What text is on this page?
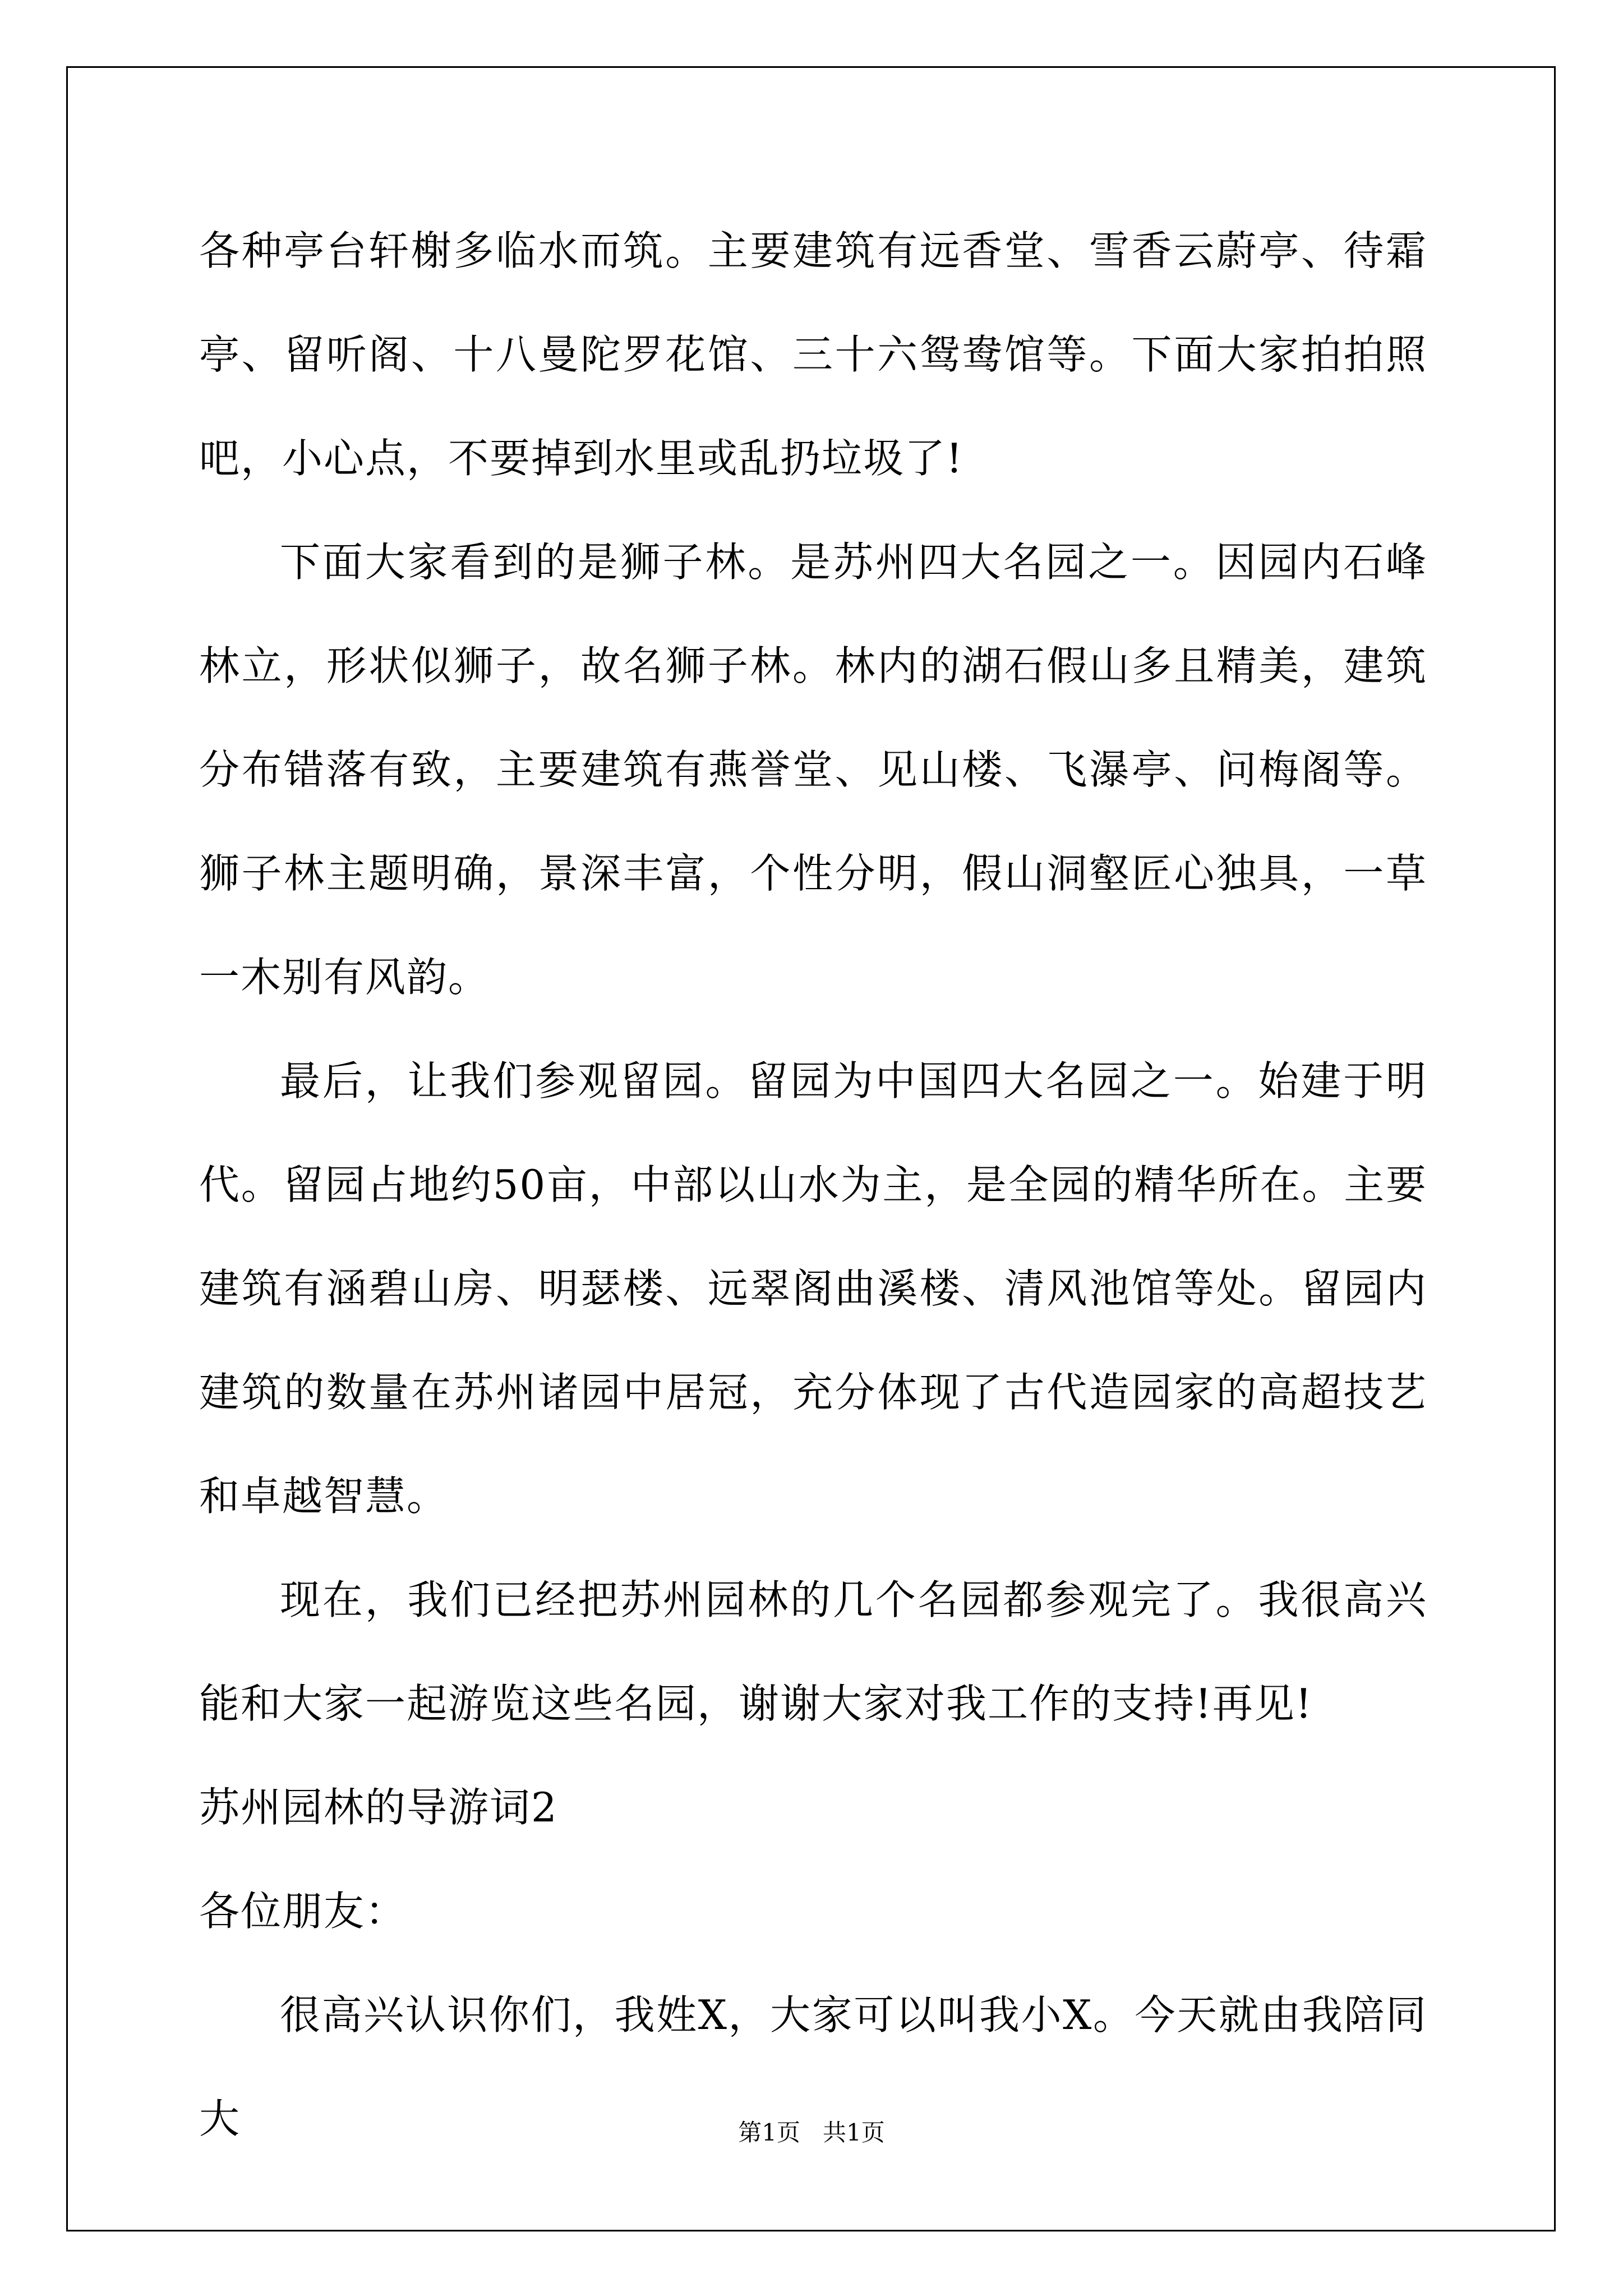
各种亭台轩榭多临水而筑。主要建筑有远香堂、雪香云蔚亭、待霜亭、留听阁、十八曼陀罗花馆、三十六鸳鸯馆等。下面大家拍拍照吧，小心点，不要掉到水里或乱扔垃圾了!

下面大家看到的是狮子林。是苏州四大名园之一。因园内石峰林立，形状似狮子，故名狮子林。林内的湖石假山多且精美，建筑分布错落有致，主要建筑有燕誉堂、见山楼、飞瀑亭、问梅阁等。狮子林主题明确，景深丰富，个性分明，假山洞壑匠心独具，一草一木别有风韵。

最后，让我们参观留园。留园为中国四大名园之一。始建于明代。留园占地约50亩，中部以山水为主，是全园的精华所在。主要建筑有涵碧山房、明瑟楼、远翠阁曲溪楼、清风池馆等处。留园内建筑的数量在苏州诸园中居冠，充分体现了古代造园家的高超技艺和卓越智慧。

现在，我们已经把苏州园林的几个名园都参观完了。我很高兴能和大家一起游览这些名园，谢谢大家对我工作的支持!再见!

苏州园林的导游词2

各位朋友：

很高兴认识你们，我姓X，大家可以叫我小X。今天就由我陪同大	第1页 共1页
